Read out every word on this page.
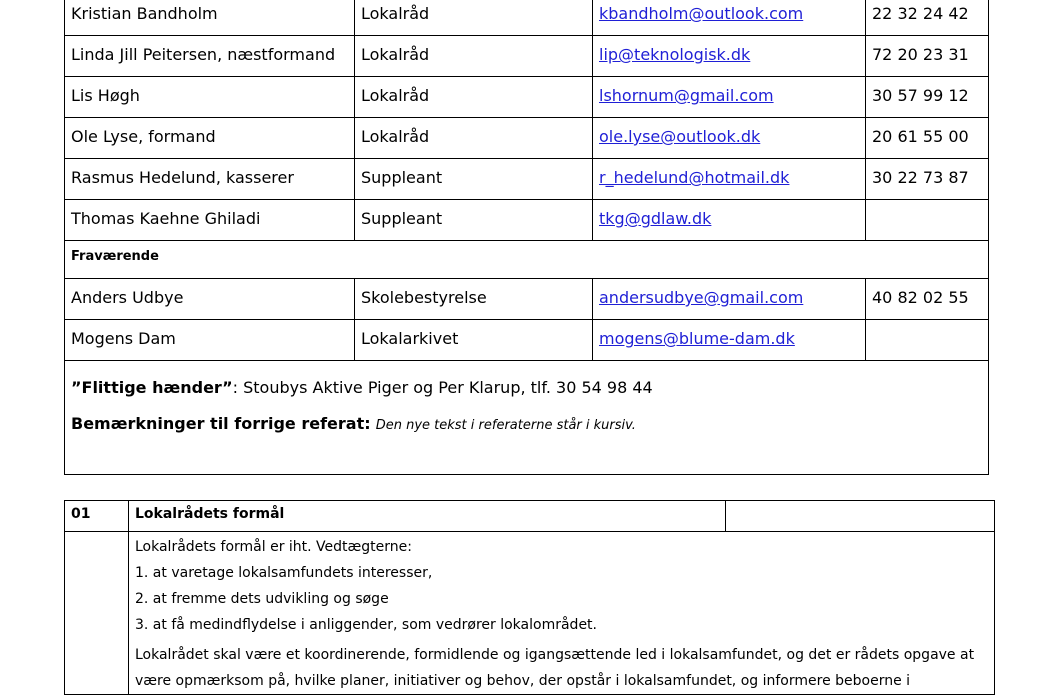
Kristian Bandholm	Lokalråd	kbandholm@outlook.com	22 32 24 42
Linda Jill Peitersen, næstformand	Lokalråd	lip@teknologisk.dk	72 20 23 31
Lis Høgh	Lokalråd	lshornum@gmail.com	30 57 99 12
Ole Lyse, formand	Lokalråd	ole.lyse@outlook.dk	20 61 55 00
Rasmus Hedelund, kasserer	Suppleant	r_hedelund@hotmail.dk	30 22 73 87
Thomas Kaehne Ghiladi	Suppleant	tkg@gdlaw.dk	
Fraværende			
Anders Udbye	Skolebestyrelse	andersudbye@gmail.com	40 82 02 55
Mogens Dam	Lokalarkivet	mogens@blume-dam.dk	

”Flittige hænder”: Stoubys Aktive Piger og Per Klarup, tlf. 30 54 98 44

Bemærkninger til forrige referat: Den nye tekst i referaterne står i kursiv.			

01	Lokalrådets formål	

	Lokalrådets formål er iht. Vedtægterne:

1. at varetage lokalsamfundets interesser,

2. at fremme dets udvikling og søge

3. at få medindflydelse i anliggender, som vedrører lokalområdet.

Lokalrådet skal være et koordinerende, formidlende og igangsættende led i lokalsamfundet, og det er rådets opgave at være opmærksom på, hvilke planer, initiativer og behov, der opstår i lokalsamfundet, og informere beboerne i	
